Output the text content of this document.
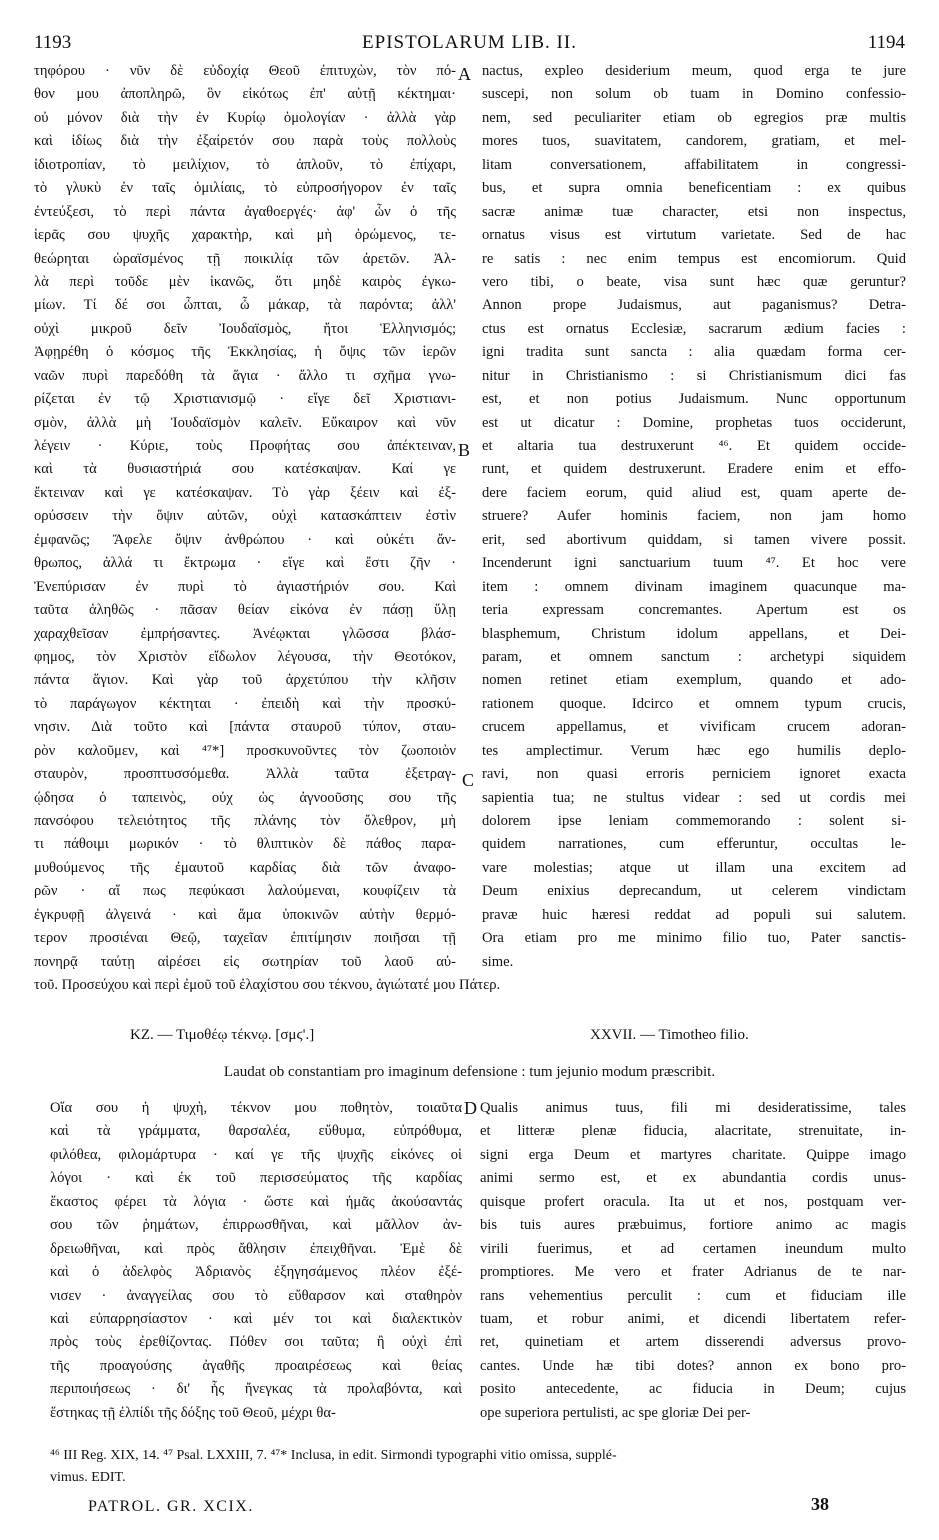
1193	EPISTOLARUM LIB. II.	1194
A
B
C
D
τηφόρου · νῦν δὲ εὐδοχίᾳ Θεοῦ ἐπιτυχὼν, τὸν πό-
θον μου ἀποπληρῶ, ὃν εἰκότως ἐπ' αὐτῇ κέκτημαι·
οὐ μόνον διὰ τὴν ἐν Κυρίῳ ὁμολογίαν · ἀλλὰ γὰρ
καὶ ἰδίως διὰ τὴν ἐξαίρετόν σου παρὰ τοὺς πολλοὺς
ἰδιοτροπίαν, τὸ μειλίχιον, τὸ ἁπλοῦν, τὸ ἐπίχαρι,
τὸ γλυκὺ ἐν ταῖς ὁμιλίαις, τὸ εὐπροσήγορον ἐν ταῖς
ἐντεύξεσι, τὸ περὶ πάντα ἀγαθοεργές· ἀφ' ὧν ὁ τῆς
ἱερᾶς σου ψυχῆς χαρακτὴρ, καὶ μὴ ὁρώμενος, τε-
θεώρηται ὡραϊσμένος τῇ ποικιλίᾳ τῶν ἀρετῶν. Ἀλ-
λὰ περὶ τοῦδε μὲν ἱκανῶς, ὅτι μηδὲ καιρὸς ἐγκω-
μίων. Τί δέ σοι ὦπται, ὦ μάκαρ, τὰ παρόντα; ἀλλ'
οὐχὶ μικροῦ δεῖν Ἰουδαϊσμὸς, ἤτοι Ἑλληνισμός;
Ἀφῃρέθη ὁ κόσμος τῆς Ἐκκλησίας, ἡ ὄψις τῶν ἱερῶν
ναῶν πυρὶ παρεδόθη τὰ ἅγια · ἄλλο τι σχῆμα γνω-
ρίζεται ἐν τῷ Χριστιανισμῷ · εἴγε δεῖ Χριστιανι-
σμὸν, ἀλλὰ μὴ Ἰουδαϊσμὸν καλεῖν. Εὔκαιρον καὶ νῦν
λέγειν · Κύριε, τοὺς Προφήτας σου ἀπέκτειναν,
καὶ τὰ θυσιαστήριά σου κατέσκαψαν. Καί γε
ἔκτειναν καὶ γε κατέσκαψαν. Τὸ γὰρ ξέειν καὶ ἐξ-
ορύσσειν τὴν ὄψιν αὐτῶν, οὐχὶ κατασκάπτειν ἐστὶν
ἐμφανῶς; Ἄφελε ὄψιν ἀνθρώπου · καὶ οὐκέτι ἄν-
θρωπος, ἀλλά τι ἔκτρωμα · εἴγε καὶ ἔστι ζῆν ·
Ἐνεπύρισαν ἐν πυρὶ τὸ ἁγιαστήριόν σου. Καὶ
ταῦτα ἀληθῶς · πᾶσαν θείαν εἰκόνα ἐν πάσῃ ὕλῃ
χαραχθεῖσαν ἐμπρήσαντες. Ἀνέῳκται γλῶσσα βλάσ-
φημος, τὸν Χριστὸν εἴδωλον λέγουσα, τὴν Θεοτόκον,
πάντα ἅγιον. Καὶ γὰρ τοῦ ἀρχετύπου τὴν κλῆσιν
τὸ παράγωγον κέκτηται · ἐπειδὴ καὶ τὴν προσκύ-
νησιν. Διὰ τοῦτο καὶ [πάντα σταυροῦ τύπον, σταυ-
ρὸν καλοῦμεν, καὶ ⁴⁷*] προσκυνοῦντες τὸν ζωοποιὸν
σταυρὸν, προσπτυσσόμεθα. Ἀλλὰ ταῦτα ἐξετραγ-
ῴδησα ὁ ταπεινὸς, οὐχ ὡς ἀγνοοῦσης σου τῆς
πανσόφου τελειότητος τῆς πλάνης τὸν ὄλεθρον, μὴ
τι πάθοιμι μωρικόν · τὸ θλιπτικὸν δὲ πάθος παρα-
μυθούμενος τῆς ἐμαυτοῦ καρδίας διὰ τῶν ἀναφο-
ρῶν · αἵ πως πεφύκασι λαλούμεναι, κουφίζειν τὰ
ἐγκρυφῇ ἀλγεινά · καὶ ἅμα ὑποκινῶν αὐτὴν θερμό-
τερον προσιέναι Θεῷ, ταχεῖαν ἐπιτίμησιν ποιῆσαι τῇ
πονηρᾷ ταύτῃ αἱρέσει εἰς σωτηρίαν τοῦ λαοῦ αὐ-
τοῦ. Προσεύχου καὶ περὶ ἐμοῦ τοῦ ἐλαχίστου σου τέκνου, ἁγιώτατέ μου Πάτερ.
nactus, expleo desiderium meum, quod erga te jure
suscepi, non solum ob tuam in Domino confessio-
nem, sed peculiariter etiam ob egregios præ multis
mores tuos, suavitatem, candorem, gratiam, et mel-
litam conversationem, affabilitatem in congressi-
bus, et supra omnia beneficentiam : ex quibus
sacræ animæ tuæ character, etsi non inspectus,
ornatus visus est virtutum varietate. Sed de hac
re satis : nec enim tempus est encomiorum. Quid
vero tibi, o beate, visa sunt hæc quæ geruntur?
Annon prope Judaismus, aut paganismus? Detra-
ctus est ornatus Ecclesiæ, sacrarum ædium facies :
igni tradita sunt sancta : alia quædam forma cer-
nitur in Christianismo : si Christianismum dici fas
est, et non potius Judaismum. Nunc opportunum
est ut dicatur : Domine, prophetas tuos occiderunt,
et altaria tua destruxerunt ⁴⁶. Et quidem occide-
runt, et quidem destruxerunt. Eradere enim et effo-
dere faciem eorum, quid aliud est, quam aperte de-
struere? Aufer hominis faciem, non jam homo
erit, sed abortivum quiddam, si tamen vivere possit.
Incenderunt igni sanctuarium tuum ⁴⁷. Et hoc vere
item : omnem divinam imaginem quacunque ma-
teria expressam concremantes. Apertum est os
blasphemum, Christum idolum appellans, et Dei-
param, et omnem sanctum : archetypi siquidem
nomen retinet etiam exemplum, quando et ado-
rationem quoque. Idcirco et omnem typum crucis,
crucem appellamus, et vivificam crucem adoran-
tes amplectimur. Verum hæc ego humilis deplo-
ravi, non quasi erroris perniciem ignoret exacta
sapientia tua; ne stultus videar : sed ut cordis mei
dolorem ipse leniam commemorando : solent si-
quidem narrationes, cum efferuntur, occultas le-
vare molestias; atque ut illam una excitem ad
Deum enixius deprecandum, ut celerem vindictam
pravæ huic hæresi reddat ad populi sui salutem.
Ora etiam pro me minimo filio tuo, Pater sanctis-
sime.
ΚΖ. — Τιμοθέῳ τέκνῳ. [σμϛ'.]	XXVII. — Timotheo filio.
Laudat ob constantiam pro imaginum defensione : tum jejunio modum præscribit.
Οἵα σου ἡ ψυχὴ, τέκνον μου ποθητὸν, τοιαῦτα
καὶ τὰ γράμματα, θαρσαλέα, εὔθυμα, εὐπρόθυμα,
φιλόθεα, φιλομάρτυρα · καί γε τῆς ψυχῆς εἰκόνες οἱ
λόγοι · καὶ ἐκ τοῦ περισσεύματος τῆς καρδίας
ἕκαστος φέρει τὰ λόγια · ὥστε καὶ ἡμᾶς ἀκούσαντάς
σου τῶν ῥημάτων, ἐπιρρωσθῆναι, καὶ μᾶλλον ἀν-
δρειωθῆναι, καὶ πρὸς ἄθλησιν ἐπειχθῆναι. Ἐμὲ δὲ
καὶ ὁ ἀδελφὸς Ἀδριανὸς ἐξηγησάμενος πλέον ἐξέ-
νισεν · ἀναγγείλας σου τὸ εὔθαρσον καὶ σταθηρὸν
καὶ εὐπαρρησίαστον · καὶ μέν τοι καὶ διαλεκτικὸν
πρὸς τοὺς ἐρεθίζοντας. Πόθεν σοι ταῦτα; ἢ οὐχὶ ἐπὶ
τῆς προαγούσης ἀγαθῆς προαιρέσεως καὶ θείας
περιποιήσεως · δι' ἧς ἤνεγκας τὰ προλαβόντα, καὶ
ἕστηκας τῇ ἐλπίδι τῆς δόξης τοῦ Θεοῦ, μέχρι θα-
Qualis animus tuus, fili mi desideratissime, tales
et litteræ plenæ fiducia, alacritate, strenuitate, in-
signi erga Deum et martyres charitate. Quippe imago
animi sermo est, et ex abundantia cordis unus-
quisque profert oracula. Ita ut et nos, postquam ver-
bis tuis aures præbuimus, fortiore animo ac magis
virili fuerimus, et ad certamen ineundum multo
promptiores. Me vero et frater Adrianus de te nar-
rans vehementius perculit : cum et fiduciam ille
tuam, et robur animi, et dicendi libertatem refer-
ret, quinetiam et artem disserendi adversus provo-
cantes. Unde hæ tibi dotes? annon ex bono pro-
posito antecedente, ac fiducia in Deum; cujus
ope superiora pertulisti, ac spe gloriæ Dei per-
⁴⁶ III Reg. XIX, 14. ⁴⁷ Psal. LXXIII, 7. ⁴⁷* Inclusa, in edit. Sirmondi typographi vitio omissa, supplé-
vimus. EDIT.
PATROL. GR. XCIX.	38
